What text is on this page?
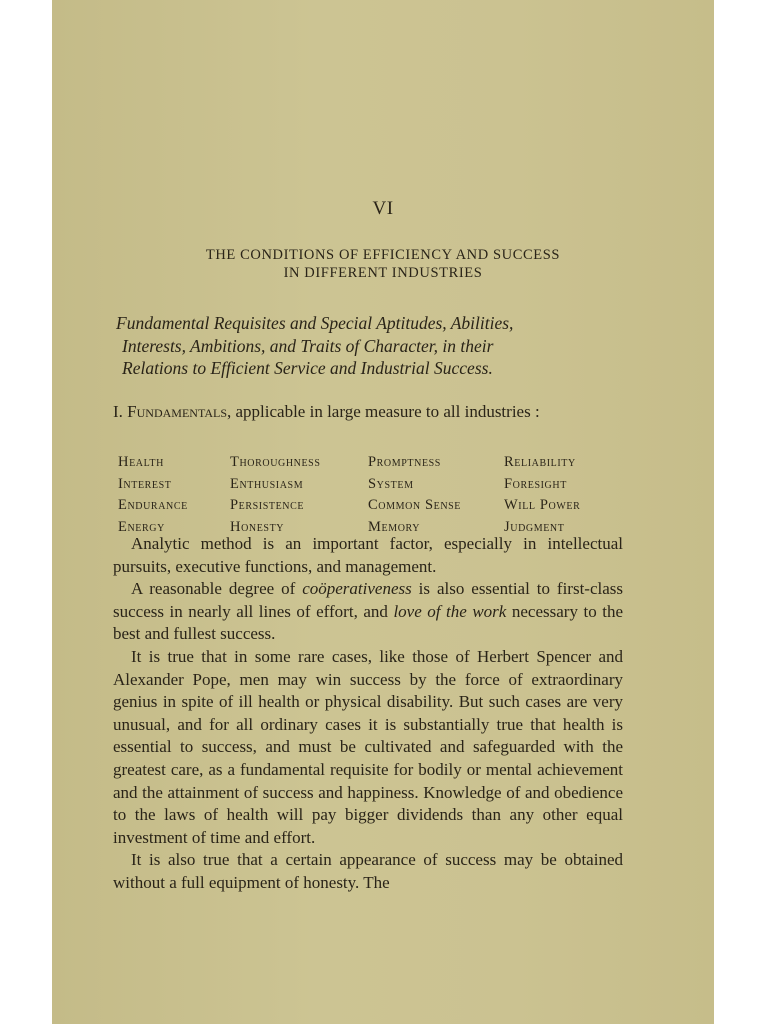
VI
THE CONDITIONS OF EFFICIENCY AND SUCCESS
IN DIFFERENT INDUSTRIES
Fundamental Requisites and Special Aptitudes, Abilities,
Interests, Ambitions, and Traits of Character, in their
Relations to Efficient Service and Industrial Success.
I. Fundamentals, applicable in large measure to all industries :
Health	Thoroughness	Promptness	Reliability
Interest	Enthusiasm	System	Foresight
Endurance	Persistence	Common Sense	Will Power
Energy	Honesty	Memory	Judgment

Analytic method is an important factor, especially in intellectual pursuits, executive functions, and management.

A reasonable degree of coöperativeness is also essential to first-class success in nearly all lines of effort, and love of the work necessary to the best and fullest success.

It is true that in some rare cases, like those of Herbert Spencer and Alexander Pope, men may win success by the force of extraordinary genius in spite of ill health or physical disability. But such cases are very unusual, and for all ordinary cases it is substantially true that health is essential to success, and must be cultivated and safeguarded with the greatest care, as a fundamental requisite for bodily or mental achievement and the attainment of success and happiness. Knowledge of and obedience to the laws of health will pay bigger dividends than any other equal investment of time and effort.

It is also true that a certain appearance of success may be obtained without a full equipment of honesty. The
